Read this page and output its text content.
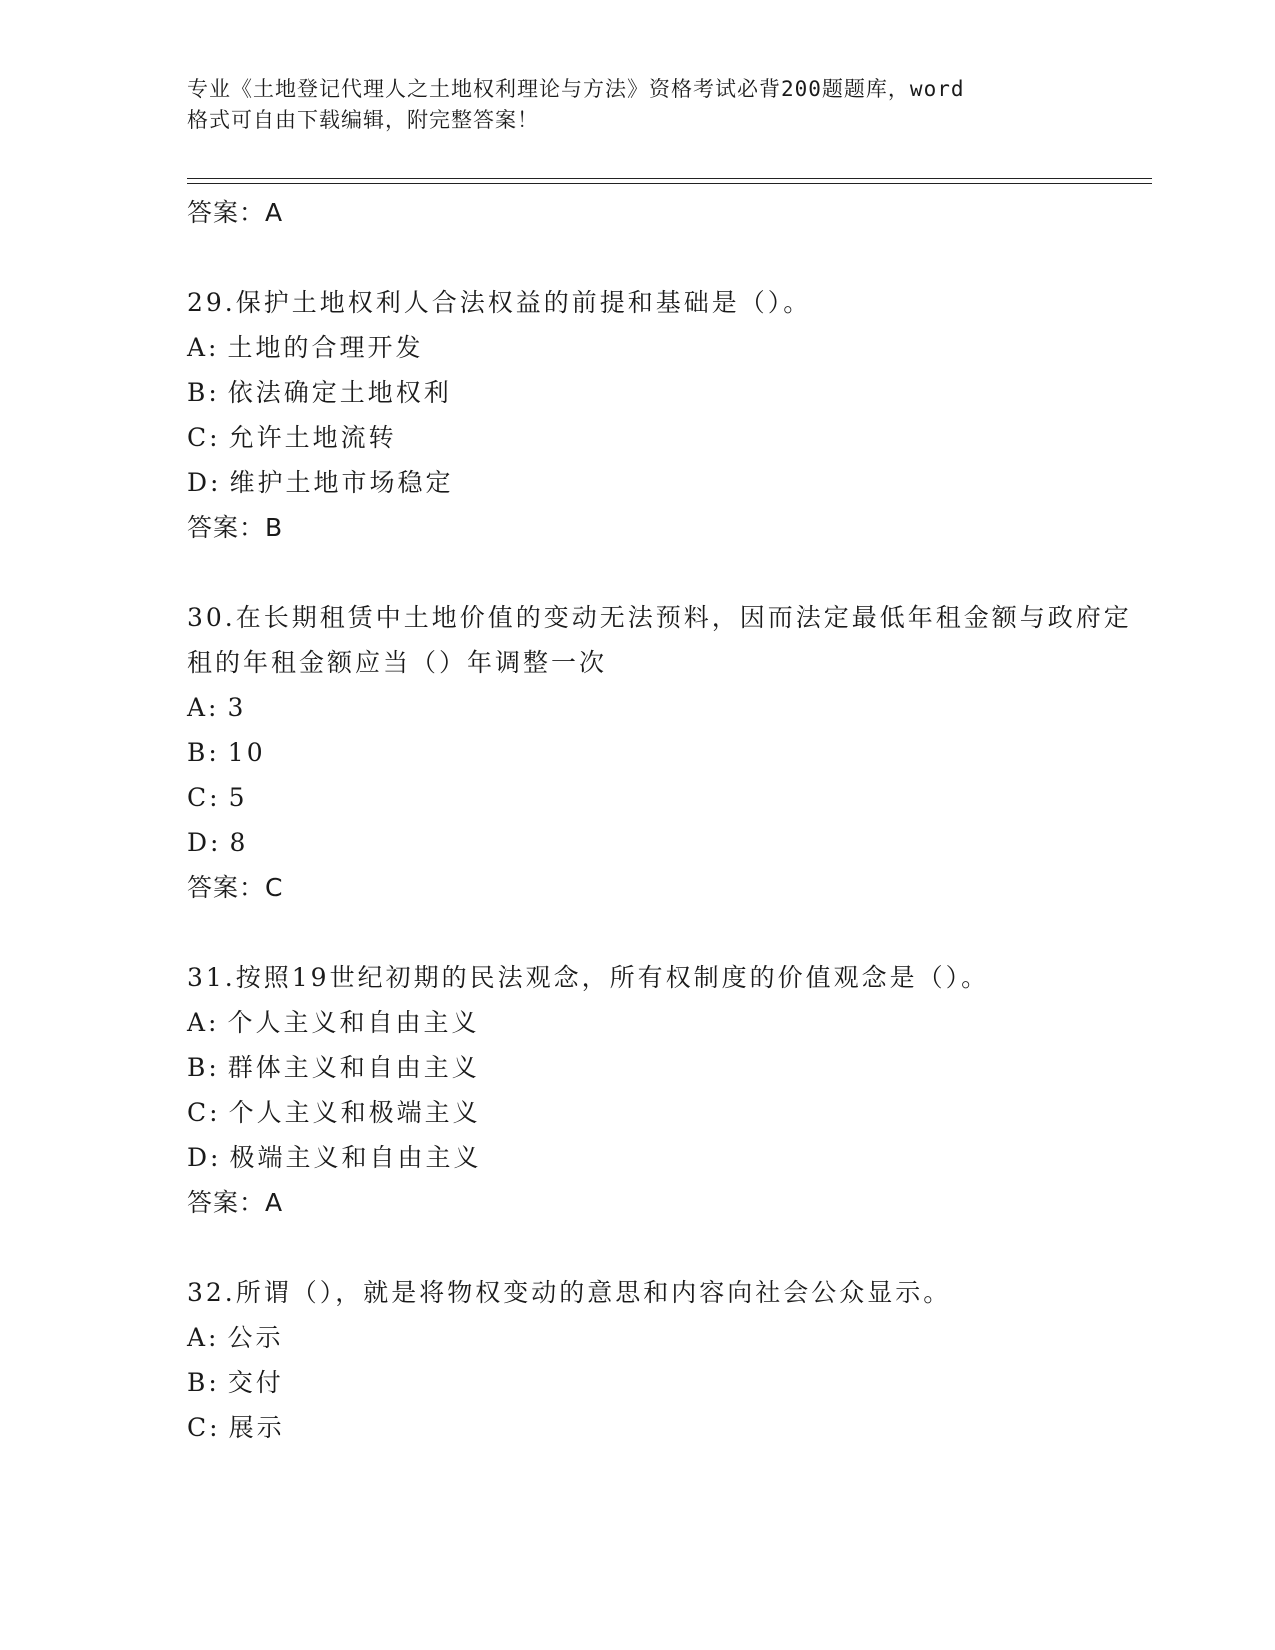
专业《土地登记代理人之土地权利理论与方法》资格考试必背200题题库，word
格式可自由下载编辑，附完整答案！
答案：A
29.保护土地权利人合法权益的前提和基础是（）。
A: 土地的合理开发
B: 依法确定土地权利
C: 允许土地流转
D: 维护土地市场稳定
答案：B
30.在长期租赁中土地价值的变动无法预料，因而法定最低年租金额与政府定租的年租金额应当（）年调整一次
A: 3
B: 10
C: 5
D: 8
答案：C
31.按照19世纪初期的民法观念，所有权制度的价值观念是（）。
A: 个人主义和自由主义
B: 群体主义和自由主义
C: 个人主义和极端主义
D: 极端主义和自由主义
答案：A
32.所谓（），就是将物权变动的意思和内容向社会公众显示。
A: 公示
B: 交付
C: 展示
